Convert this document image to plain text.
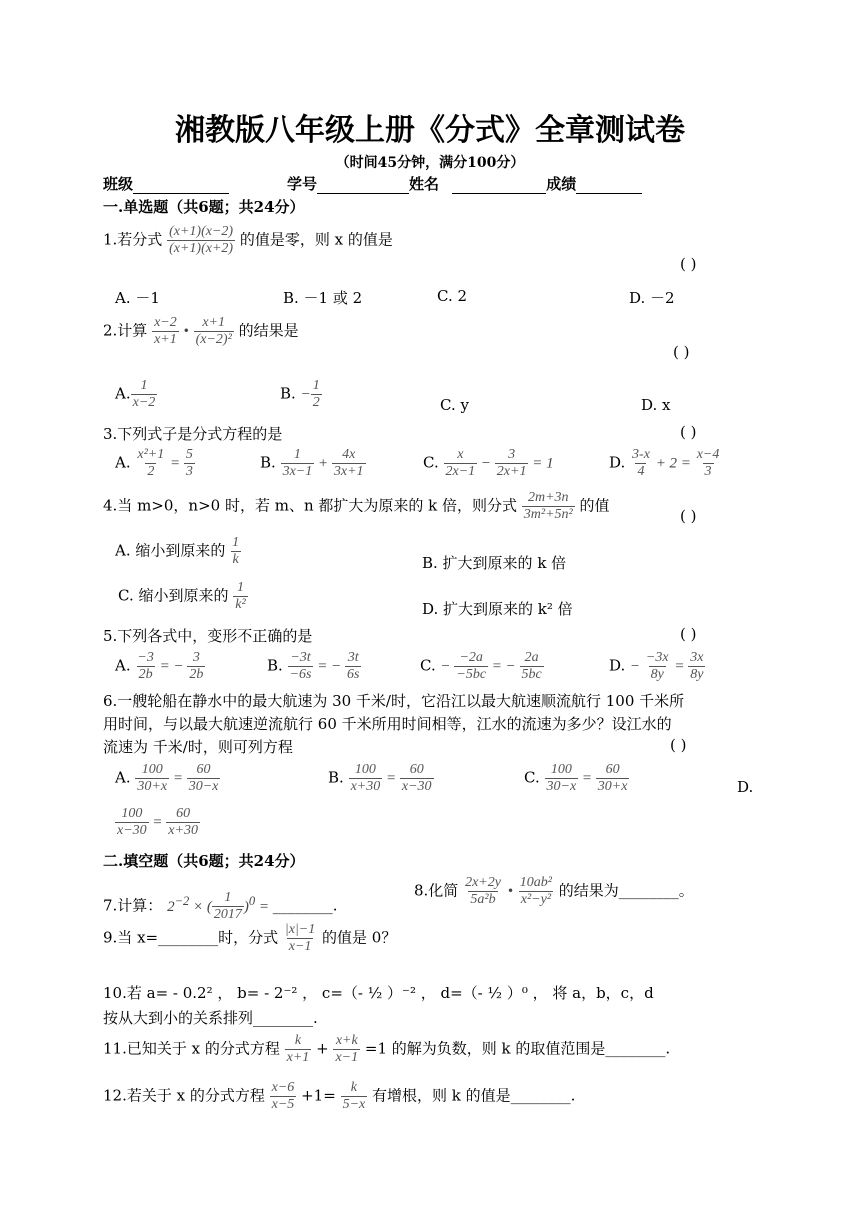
湘教版八年级上册《分式》全章测试卷
（时间45分钟，满分100分）
班级	学号	姓名	成绩
一.单选题（共6题；共24分）
1.若分式 $\frac{(x+1)(x-2)}{(x+1)(x+2)}$ 的值是零，则 x 的值是
( )
A. －1	B. －1 或 2	C. 2	D. －2
2.计算 $\frac{x-2}{x+1}$ • $\frac{x+1}{\text{(x−2)²}}$ 的结果是
( )
A. $\frac{1}{x-2}$	B. − $\frac{1}{2}$	C. y	D. x
3.下列式子是分式方程的是	( )
A. $\frac{\text{x²+1}}{2} = \frac{5}{3}$	B. $\frac{1}{3x-1} + \frac{4x}{3x+1}$	C. $\frac{x}{2x-1} - \frac{3}{2x+1} = 1$	D. $\frac{3-x}{4} + 2 = \frac{x-4}{3}$
4.当 m>0，n>0 时，若 m、n 都扩大为原来的 k 倍，则分式 $\frac{2m+3n}{\text{3m²+5n²}}$ 的值
( )
A. 缩小到原来的 $\frac{1}{k}$	B. 扩大到原来的 k 倍
C. 缩小到原来的 $\frac{1}{\text{k²}}$	D. 扩大到原来的 k² 倍
5.下列各式中，变形不正确的是	( )
A. $\frac{-3}{2b}$ = − $\frac{3}{2b}$	B. $\frac{-3t}{-6s}$ = − $\frac{3t}{6s}$	C. − $\frac{-2a}{-5bc}$ = − $\frac{2a}{5bc}$	D. − $\frac{-3x}{8y} = \frac{3x}{8y}$
6.一艘轮船在静水中的最大航速为 30 千米/时，它沿江以最大航速顺流航行 100 千米所
用时间，与以最大航速逆流航行 60 千米所用时间相等，江水的流速为多少？设江水的
流速为 千米/时，则可列方程	( )
A. $\frac{100}{30+x} = \frac{60}{30-x}$	B. $\frac{100}{x+30} = \frac{60}{x-30}$	C. $\frac{100}{30-x} = \frac{60}{30+x}$	D.
$\frac{100}{x-30} = \frac{60}{x+30}$
二.填空题（共6题；共24分）
7.计算： $2^{-2}$ × ( $\frac{1}{2017} )^0$ = ________.
8.化简 $\frac{2x+2y}{\text{5a²b}}$ • $\frac{\text{10ab²}}{\text{x²−y²}}$ 的结果为________。
9.当 x=________时，分式 $\frac{|x|-1}{x-1}$ 的值是 0？
10.若 a= - 0.2² ， b= - 2⁻² ， c=（- ½ ）⁻² ， d=（- ½ ）⁰ ， 将 a，b，c，d
按从大到小的关系排列________.
11.已知关于 x 的分式方程 $\frac{k}{x+1} + \frac{x+k}{x-1} =1$ 的解为负数，则 k 的取值范围是________.
12.若关于 x 的分式方程 $\frac{x-6}{x-5} +1= \frac{k}{5-x}$ 有增根，则 k 的值是________.
